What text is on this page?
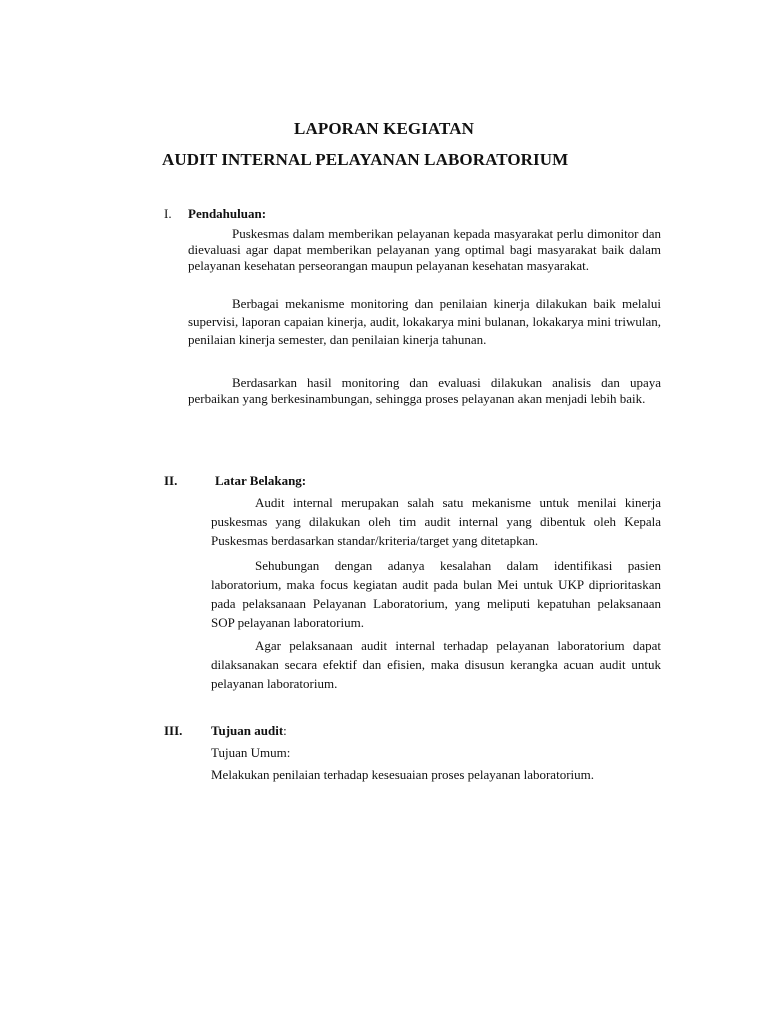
LAPORAN KEGIATAN
AUDIT INTERNAL PELAYANAN LABORATORIUM
I. Pendahuluan:

Puskesmas dalam memberikan pelayanan kepada masyarakat perlu dimonitor dan dievaluasi agar dapat memberikan pelayanan yang optimal bagi masyarakat baik dalam pelayanan kesehatan perseorangan maupun pelayanan kesehatan masyarakat.

Berbagai mekanisme monitoring dan penilaian kinerja dilakukan baik melalui supervisi, laporan capaian kinerja, audit, lokakarya mini bulanan, lokakarya mini triwulan, penilaian kinerja semester, dan penilaian kinerja tahunan.

Berdasarkan hasil monitoring dan evaluasi dilakukan analisis dan upaya perbaikan yang berkesinambungan, sehingga proses pelayanan akan menjadi lebih baik.

II.	Latar Belakang:

Audit internal merupakan salah satu mekanisme untuk menilai kinerja puskesmas yang dilakukan oleh tim audit internal yang dibentuk oleh Kepala Puskesmas berdasarkan standar/kriteria/target yang ditetapkan.

Sehubungan dengan adanya kesalahan dalam identifikasi pasien laboratorium, maka focus kegiatan audit pada bulan Mei untuk UKP diprioritaskan pada pelaksanaan Pelayanan Laboratorium, yang meliputi kepatuhan pelaksanaan SOP pelayanan laboratorium.

Agar pelaksanaan audit internal terhadap pelayanan laboratorium dapat dilaksanakan secara efektif dan efisien, maka disusun kerangka acuan audit untuk pelayanan laboratorium.

III. Tujuan audit:

Tujuan Umum:

Melakukan penilaian terhadap kesesuaian proses pelayanan laboratorium.
